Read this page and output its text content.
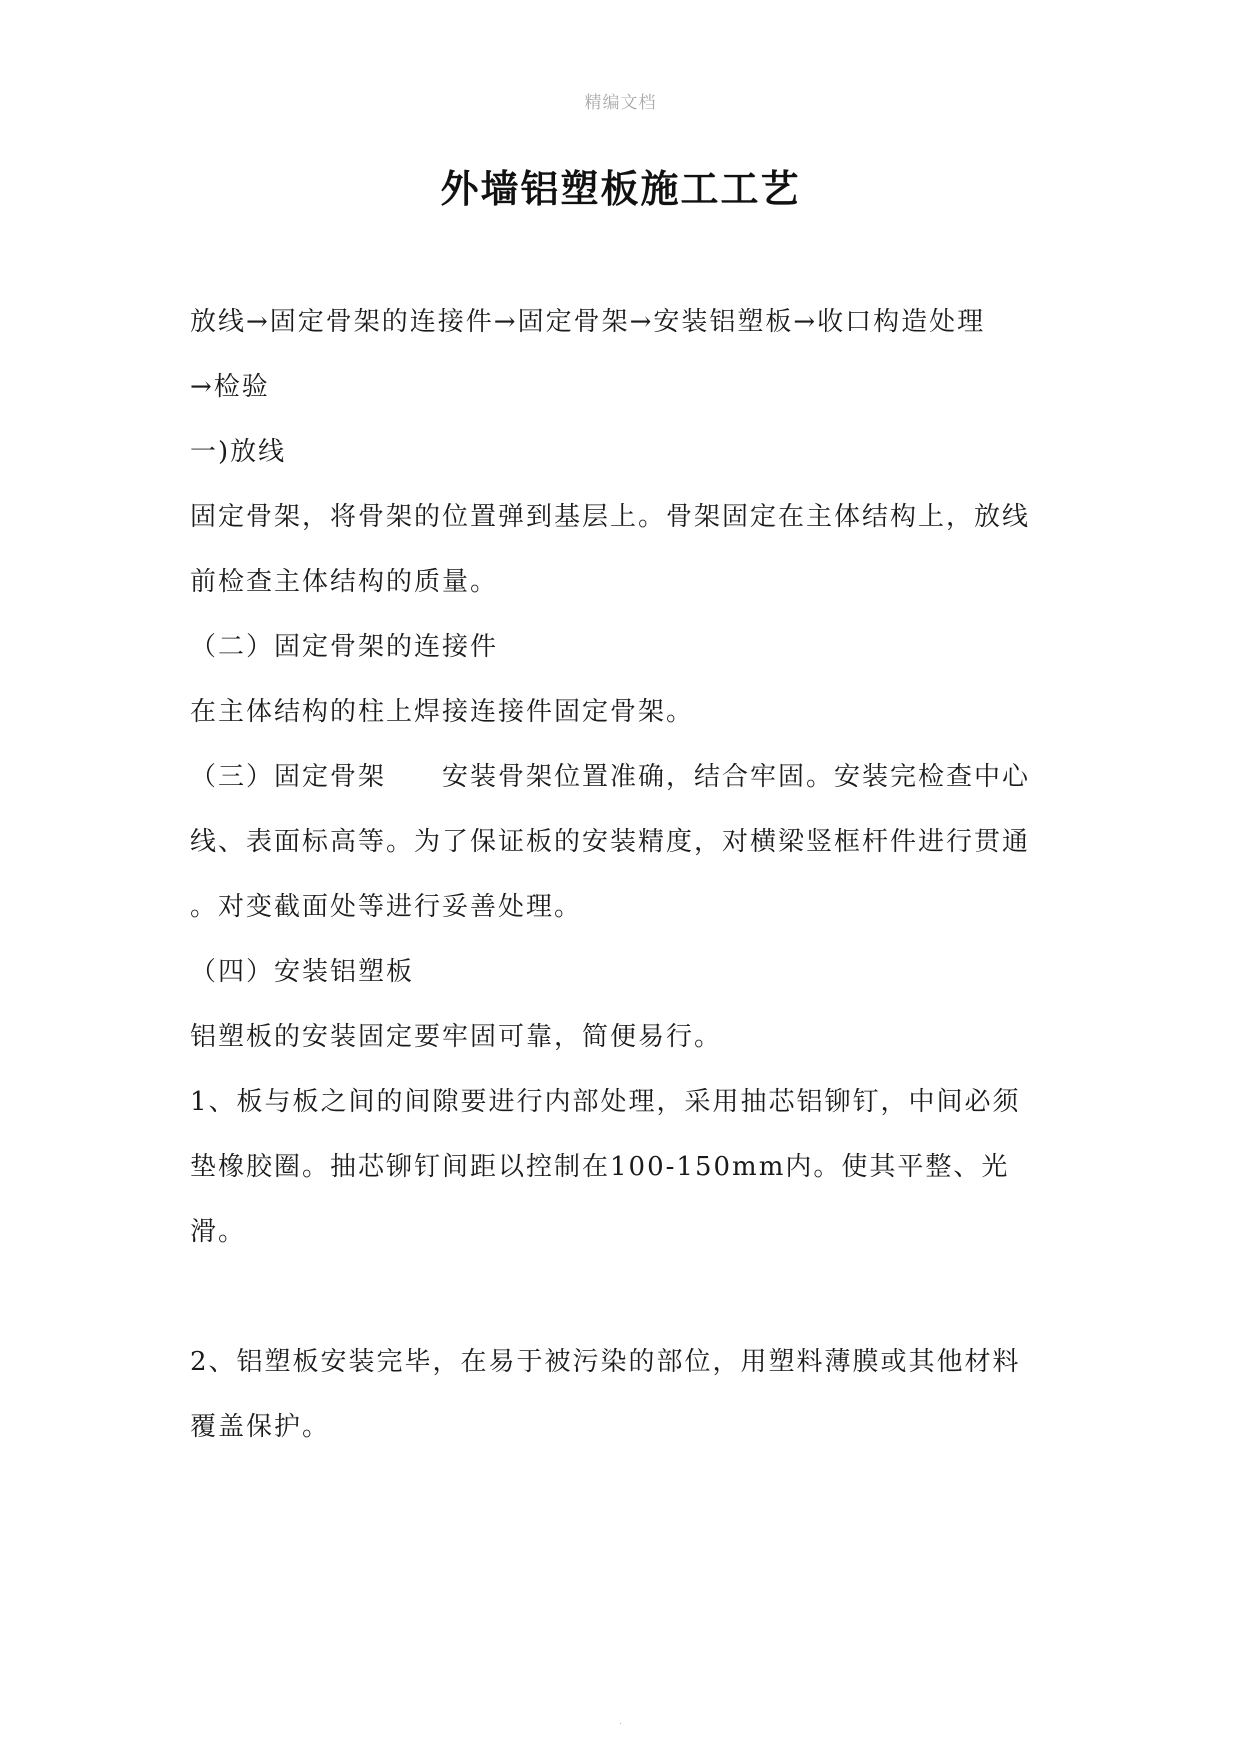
精编文档
外墙铝塑板施工工艺

放线→固定骨架的连接件→固定骨架→安装铝塑板→收口构造处理

→检验

一)放线

固定骨架，将骨架的位置弹到基层上。骨架固定在主体结构上，放线

前检查主体结构的质量。

（二）固定骨架的连接件

在主体结构的柱上焊接连接件固定骨架。

（三）固定骨架 安装骨架位置准确，结合牢固。安装完检查中心

线、表面标高等。为了保证板的安装精度，对横梁竖框杆件进行贯通

。对变截面处等进行妥善处理。

（四）安装铝塑板

铝塑板的安装固定要牢固可靠，简便易行。

1、板与板之间的间隙要进行内部处理，采用抽芯铝铆钉，中间必须

垫橡胶圈。抽芯铆钉间距以控制在100-150mm内。使其平整、光滑。

2、铝塑板安装完毕，在易于被污染的部位，用塑料薄膜或其他材料

覆盖保护。

.
